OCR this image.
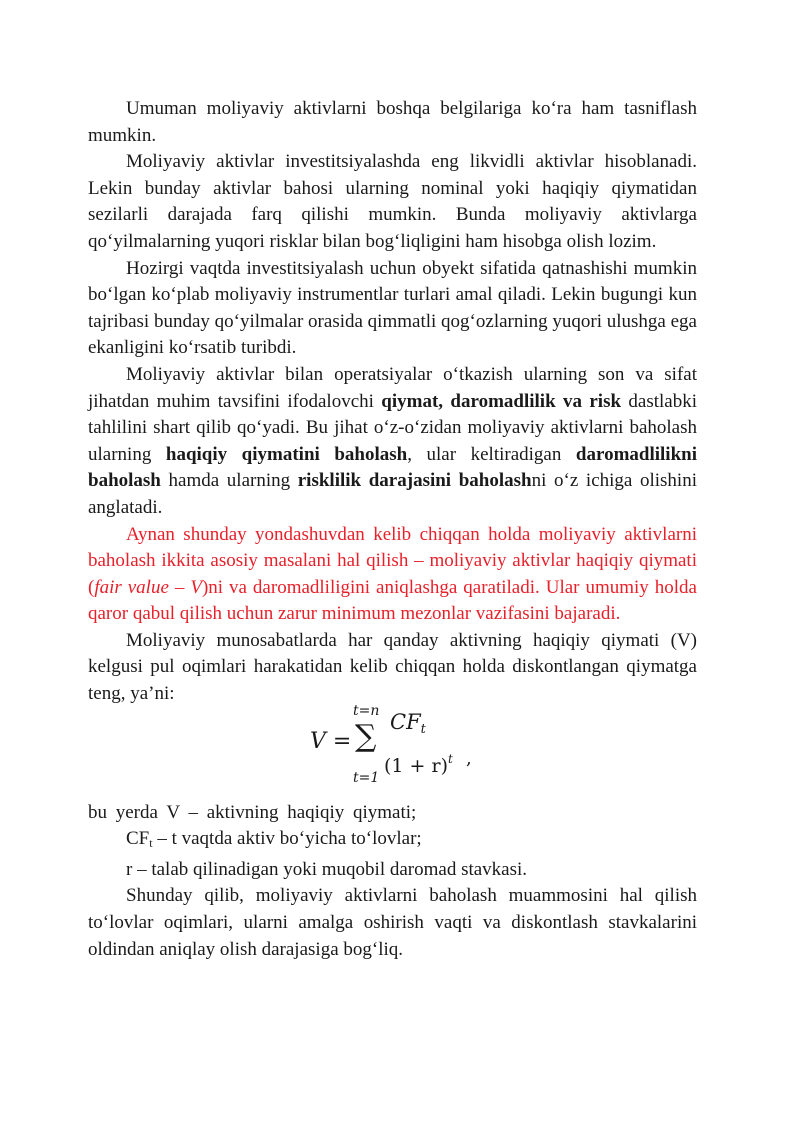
Umuman moliyaviy aktivlarni boshqa belgilariga ko‘ra ham tasniflash mumkin.

Moliyaviy aktivlar investitsiyalashda eng likvidli aktivlar hisoblanadi. Lekin bunday aktivlar bahosi ularning nominal yoki haqiqiy qiymatidan sezilarli darajada farq qilishi mumkin. Bunda moliyaviy aktivlarga qo‘yilmalarning yuqori risklar bilan bog‘liqligini ham hisobga olish lozim.

Hozirgi vaqtda investitsiyalash uchun obyekt sifatida qatnashishi mumkin bo‘lgan ko‘plab moliyaviy instrumentlar turlari amal qiladi. Lekin bugungi kun tajribasi bunday qoʻyilmalar orasida qimmatli qog‘ozlarning yuqori ulushga ega ekanligini ko‘rsatib turibdi.

Moliyaviy aktivlar bilan operatsiyalar o‘tkazish ularning son va sifat jihatdan muhim tavsifini ifodalovchi qiymat, daromadlilik va risk dastlabki tahlilini shart qilib qo‘yadi. Bu jihat o‘z-o‘zidan moliyaviy aktivlarni baholash ularning haqiqiy qiymatini baholash, ular keltiradigan daromadlilikni baholash hamda ularning risklilik darajasini baholashni o‘z ichiga olishini anglatadi.

Aynan shunday yondashuvdan kelib chiqqan holda moliyaviy aktivlarni baholash ikkita asosiy masalani hal qilish – moliyaviy aktivlar haqiqiy qiymati (fair value – V)ni va daromadliligini aniqlashga qaratiladi. Ular umumiy holda qaror qabul qilish uchun zarur minimum mezonlar vazifasini bajaradi.

Moliyaviy munosabatlarda har qanday aktivning haqiqiy qiymati (V) kelgusi pul oqimlari harakatidan kelib chiqqan holda diskontlangan qiymatga teng, ya’ni:

t=n
V = ∑ CFt
$(1 + r)^t$ ,
t=1

bu yerda V – aktivning haqiqiy qiymati;

CFt – t vaqtda aktiv bo‘yicha to‘lovlar;

r – talab qilinadigan yoki muqobil daromad stavkasi.

Shunday qilib, moliyaviy aktivlarni baholash muammosini hal qilish to‘lovlar oqimlari, ularni amalga oshirish vaqti va diskontlash stavkalarini oldindan aniqlay olish darajasiga bog‘liq.
